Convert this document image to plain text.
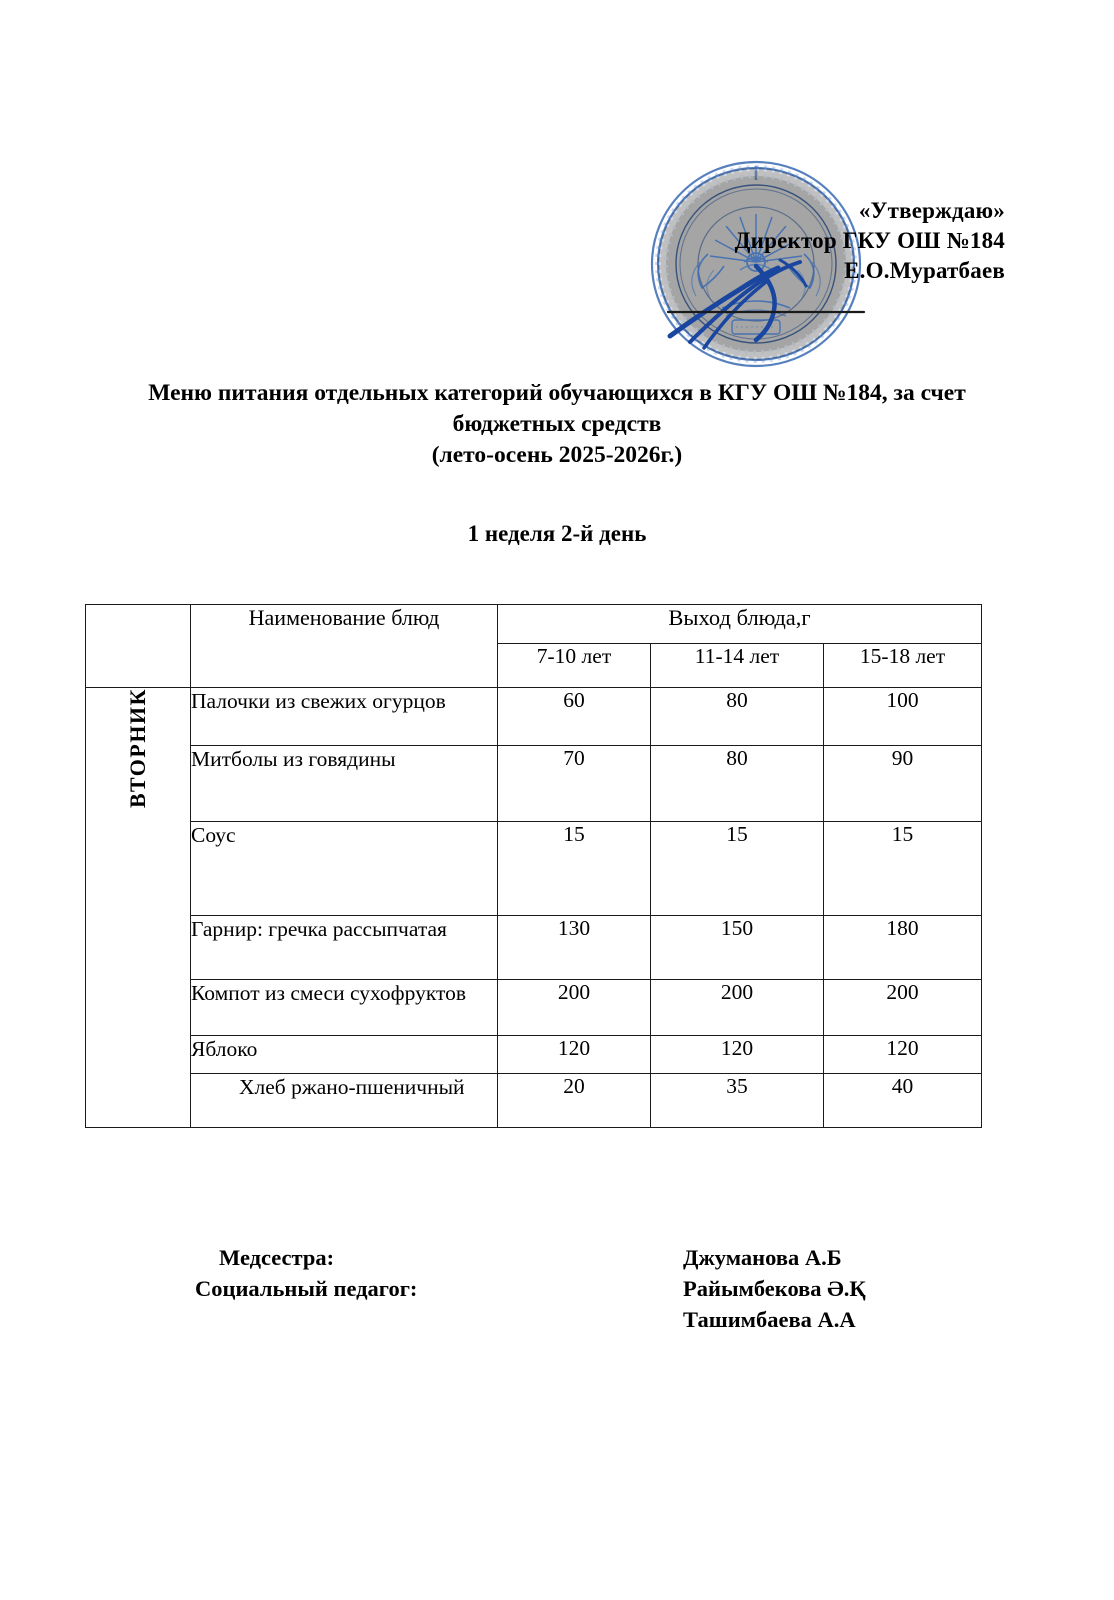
«Утверждаю»
Директор ГКУ ОШ №184
Е.О.Муратбаев
Меню питания отдельных категорий обучающихся в КГУ ОШ №184, за счет
бюджетных средств
(лето-осень 2025-2026г.)
1 неделя 2-й день
	Наименование блюд	Выход блюда,г		
		7-10 лет	11-14 лет	15-18 лет
ВТОРНИК	Палочки из свежих огурцов	60	80	100
	Митболы из говядины	70	80	90
	Соус	15	15	15
	Гарнир: гречка рассыпчатая	130	150	180
	Компот из смеси сухофруктов	200	200	200
	Яблоко	120	120	120
	Хлеб ржано-пшеничный	20	35	40
Медсестра:
Социальный педагог:
Джуманова А.Б
Райымбекова Ә.Қ
Ташимбаева А.А
